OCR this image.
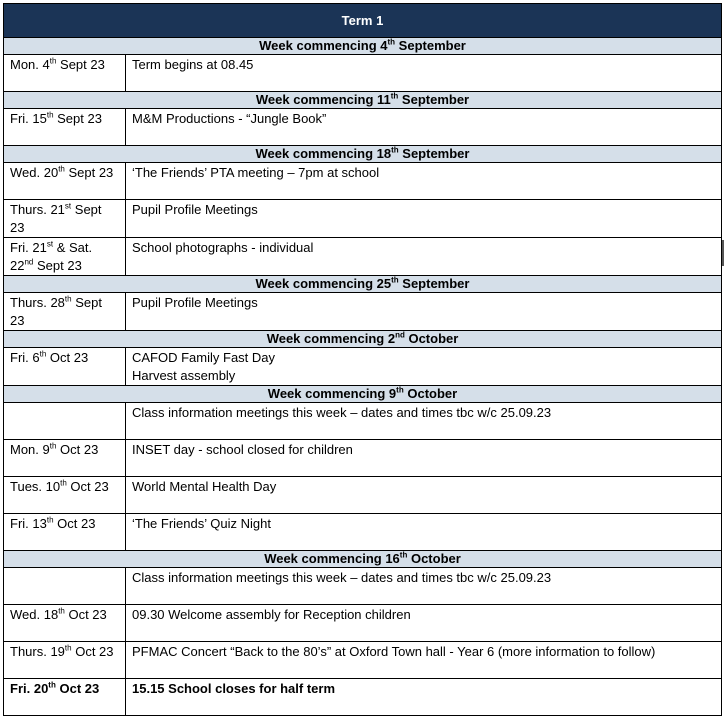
Term 1	
Week commencing 4th September	
Mon. 4th Sept 23	Term begins at 08.45
Week commencing 11th September	
Fri. 15th Sept 23	M&M Productions - “Jungle Book”
Week commencing 18th September	
Wed. 20th Sept 23	‘The Friends’ PTA meeting – 7pm at school
Thurs. 21st Sept 23	Pupil Profile Meetings
Fri. 21st & Sat. 22nd Sept 23	School photographs - individual
Week commencing 25th September	
Thurs. 28th Sept 23	Pupil Profile Meetings
Week commencing 2nd October	
Fri. 6th Oct 23	CAFOD Family Fast Day
Harvest assembly
Week commencing 9th October	
	Class information meetings this week – dates and times tbc w/c 25.09.23
Mon. 9th Oct 23	INSET day - school closed for children
Tues. 10th Oct 23	World Mental Health Day
Fri. 13th Oct 23	‘The Friends’ Quiz Night
Week commencing 16th October	
	Class information meetings this week – dates and times tbc w/c 25.09.23
Wed. 18th Oct 23	09.30 Welcome assembly for Reception children
Thurs. 19th Oct 23	PFMAC Concert “Back to the 80’s” at Oxford Town hall - Year 6 (more information to follow)
Fri. 20th Oct 23	15.15 School closes for half term
